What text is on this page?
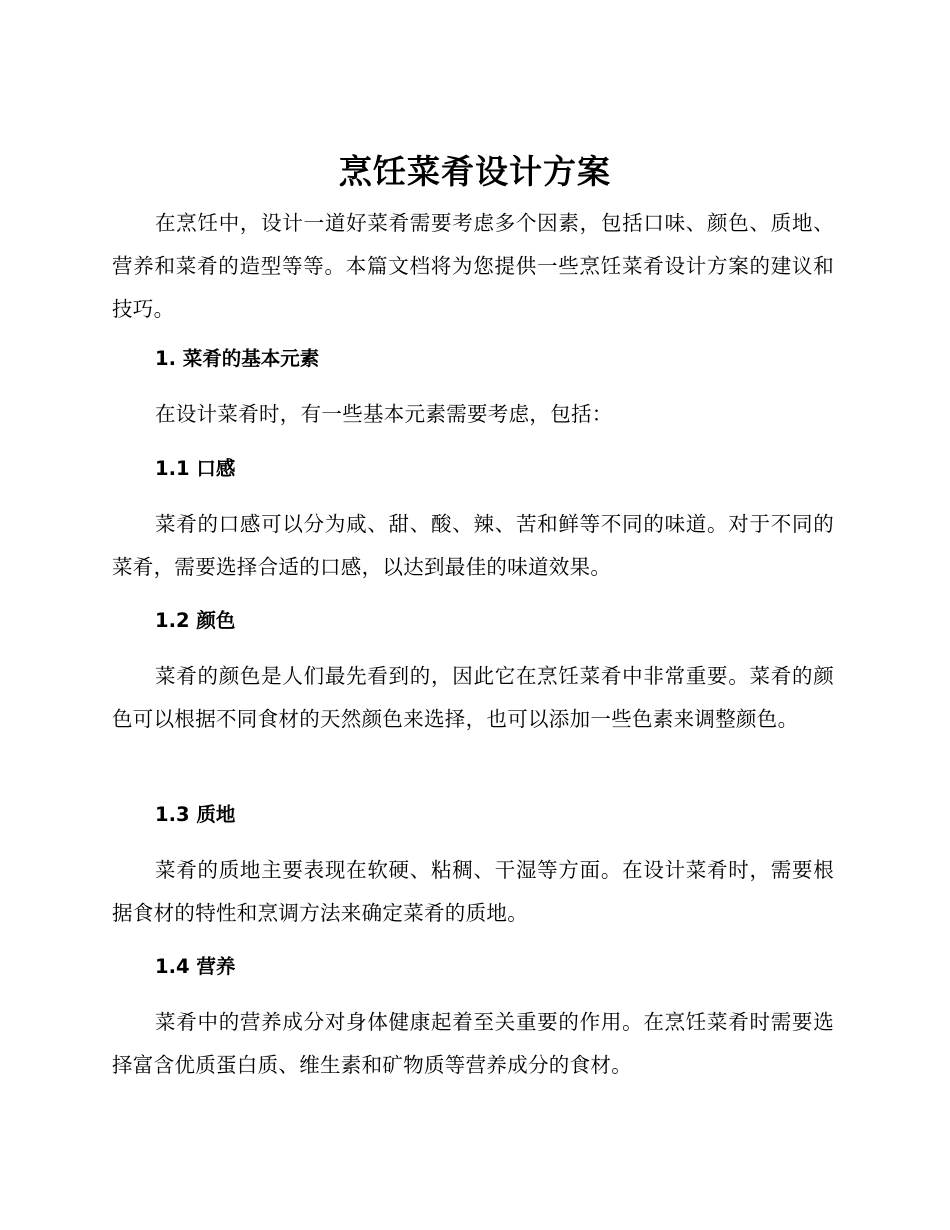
烹饪菜肴设计方案
在烹饪中，设计一道好菜肴需要考虑多个因素，包括口味、颜色、质地、营养和菜肴的造型等等。本篇文档将为您提供一些烹饪菜肴设计方案的建议和技巧。
1. 菜肴的基本元素
在设计菜肴时，有一些基本元素需要考虑，包括：
1.1 口感
菜肴的口感可以分为咸、甜、酸、辣、苦和鲜等不同的味道。对于不同的菜肴，需要选择合适的口感，以达到最佳的味道效果。
1.2 颜色
菜肴的颜色是人们最先看到的，因此它在烹饪菜肴中非常重要。菜肴的颜色可以根据不同食材的天然颜色来选择，也可以添加一些色素来调整颜色。
1.3 质地
菜肴的质地主要表现在软硬、粘稠、干湿等方面。在设计菜肴时，需要根据食材的特性和烹调方法来确定菜肴的质地。
1.4 营养
菜肴中的营养成分对身体健康起着至关重要的作用。在烹饪菜肴时需要选择富含优质蛋白质、维生素和矿物质等营养成分的食材。
